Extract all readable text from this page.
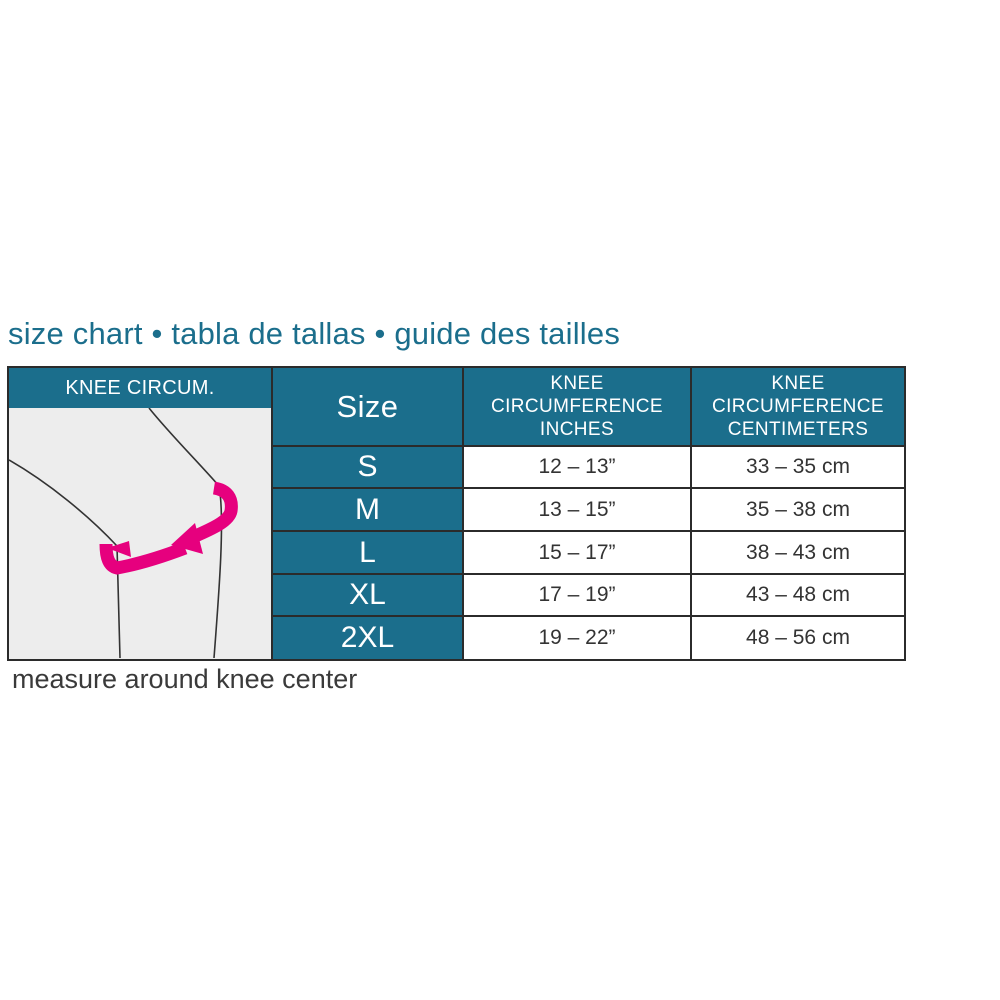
size chart • tabla de tallas • guide des tailles
KNEE CIRCUM.
Size
KNEE
CIRCUMFERENCE
INCHES
KNEE
CIRCUMFERENCE
CENTIMETERS
S	12 – 13”	33 – 35 cm
M	13 – 15”	35 – 38 cm
L	15 – 17”	38 – 43 cm
XL	17 – 19”	43 – 48 cm
2XL	19 – 22”	48 – 56 cm
measure around knee center
